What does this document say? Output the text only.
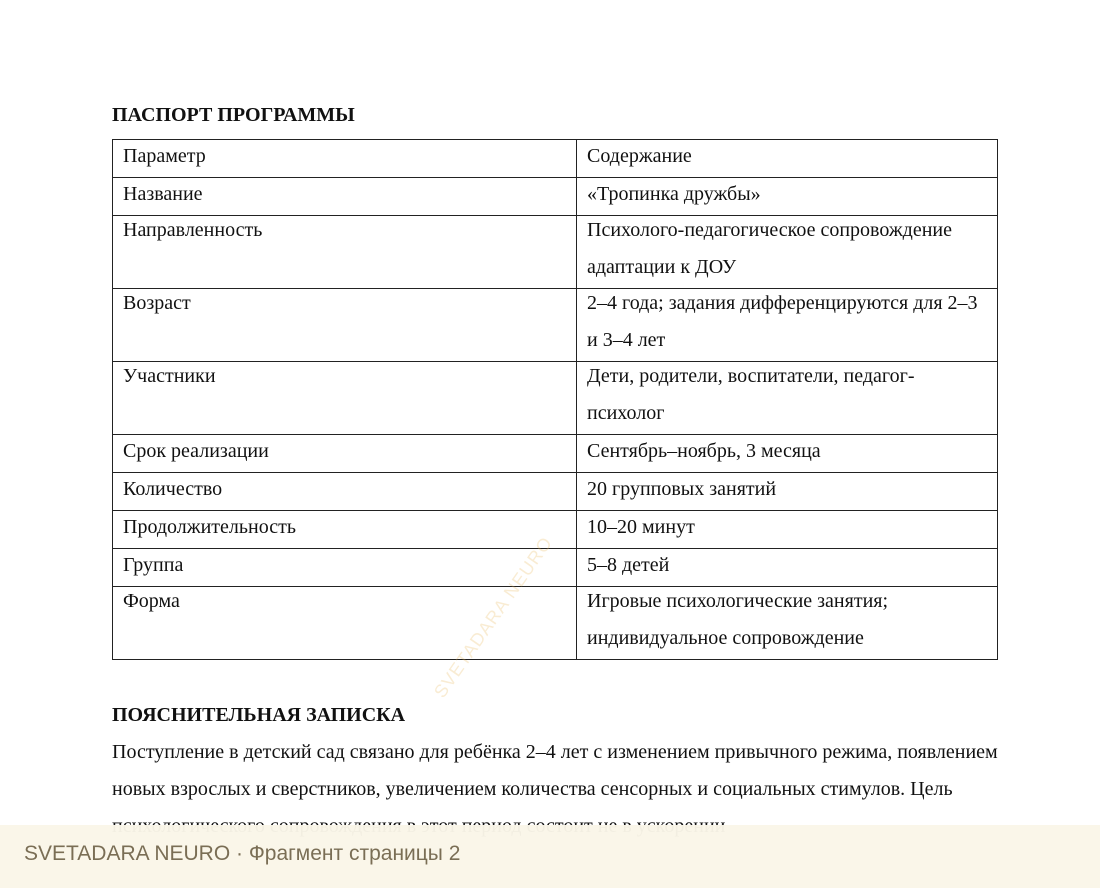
ПАСПОРТ ПРОГРАММЫ
Параметр	Содержание

Название	«Тропинка дружбы»

Направленность	Психолого-педагогическое сопровождение адаптации к ДОУ

Возраст	2–4 года; задания дифференцируются для 2–3 и 3–4 лет

Участники	Дети, родители, воспитатели, педагог-психолог

Срок реализации	Сентябрь–ноябрь, 3 месяца

Количество	20 групповых занятий

Продолжительность	10–20 минут

Группа	5–8 детей

Форма	Игровые психологические занятия; индивидуальное сопровождение
ПОЯСНИТЕЛЬНАЯ ЗАПИСКА
Поступление в детский сад связано для ребёнка 2–4 лет с изменением привычного режима, появлением новых взрослых и сверстников, увеличением количества сенсорных и социальных стимулов. Цель
SVETADARA NEURO
SVETADARA NEURO · Фрагмент страницы 2
